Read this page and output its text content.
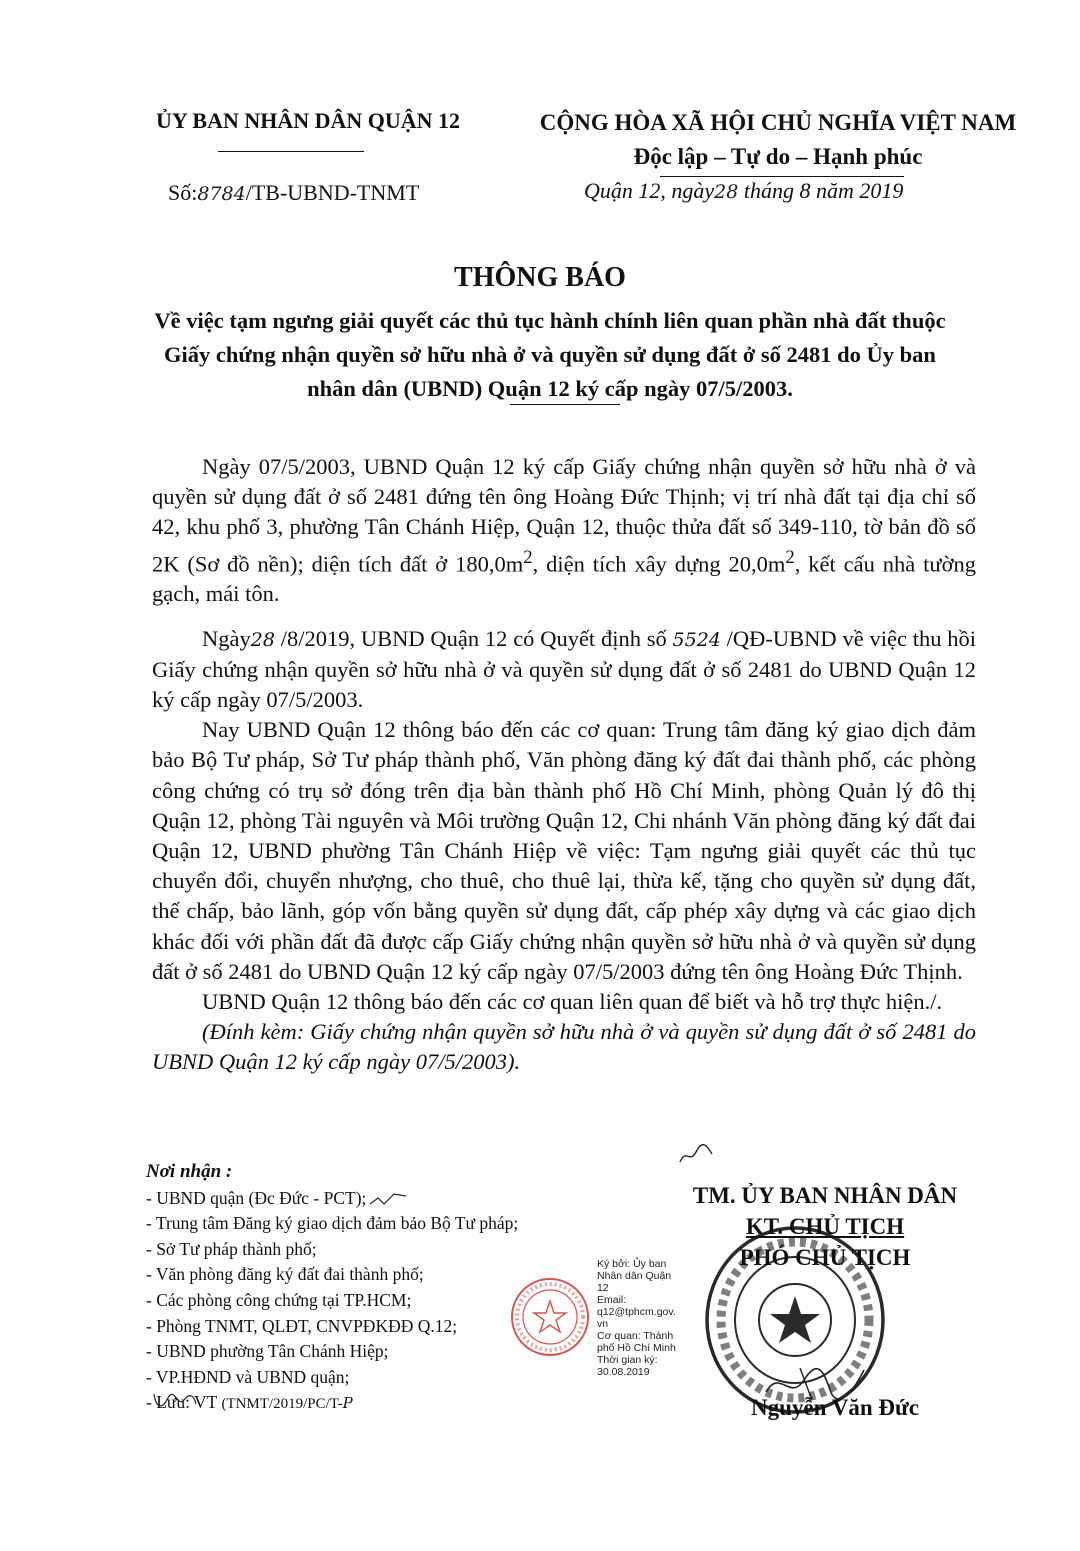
ỦY BAN NHÂN DÂN QUẬN 12
Số:8784/TB-UBND-TNMT
CỘNG HÒA XÃ HỘI CHỦ NGHĨA VIỆT NAM
Độc lập – Tự do – Hạnh phúc
Quận 12, ngày28 tháng 8 năm 2019
THÔNG BÁO
Về việc tạm ngưng giải quyết các thủ tục hành chính liên quan phần nhà đất thuộc Giấy chứng nhận quyền sở hữu nhà ở và quyền sử dụng đất ở số 2481 do Ủy ban nhân dân (UBND) Quận 12 ký cấp ngày 07/5/2003.

Ngày 07/5/2003, UBND Quận 12 ký cấp Giấy chứng nhận quyền sở hữu nhà ở và quyền sử dụng đất ở số 2481 đứng tên ông Hoàng Đức Thịnh; vị trí nhà đất tại địa chỉ số 42, khu phố 3, phường Tân Chánh Hiệp, Quận 12, thuộc thửa đất số 349-110, tờ bản đồ số 2K (Sơ đồ nền); diện tích đất ở $180,0m^2$, diện tích xây dựng $20,0m^2$, kết cấu nhà tường gạch, mái tôn.

Ngày28 /8/2019, UBND Quận 12 có Quyết định số 5524 /QĐ-UBND về việc thu hồi Giấy chứng nhận quyền sở hữu nhà ở và quyền sử dụng đất ở số 2481 do UBND Quận 12 ký cấp ngày 07/5/2003.

Nay UBND Quận 12 thông báo đến các cơ quan: Trung tâm đăng ký giao dịch đảm bảo Bộ Tư pháp, Sở Tư pháp thành phố, Văn phòng đăng ký đất đai thành phố, các phòng công chứng có trụ sở đóng trên địa bàn thành phố Hồ Chí Minh, phòng Quản lý đô thị Quận 12, phòng Tài nguyên và Môi trường Quận 12, Chi nhánh Văn phòng đăng ký đất đai Quận 12, UBND phường Tân Chánh Hiệp về việc: Tạm ngưng giải quyết các thủ tục chuyển đổi, chuyển nhượng, cho thuê, cho thuê lại, thừa kế, tặng cho quyền sử dụng đất, thế chấp, bảo lãnh, góp vốn bằng quyền sử dụng đất, cấp phép xây dựng và các giao dịch khác đối với phần đất đã được cấp Giấy chứng nhận quyền sở hữu nhà ở và quyền sử dụng đất ở số 2481 do UBND Quận 12 ký cấp ngày 07/5/2003 đứng tên ông Hoàng Đức Thịnh.

UBND Quận 12 thông báo đến các cơ quan liên quan để biết và hỗ trợ thực hiện./.

(Đính kèm: Giấy chứng nhận quyền sở hữu nhà ở và quyền sử dụng đất ở số 2481 do UBND Quận 12 ký cấp ngày 07/5/2003).

Nơi nhận :
- UBND quận (Đc Đức - PCT);
- Trung tâm Đăng ký giao dịch đảm bảo Bộ Tư pháp;
- Sở Tư pháp thành phố;
- Văn phòng đăng ký đất đai thành phố;
- Các phòng công chứng tại TP.HCM;
- Phòng TNMT, QLĐT, CNVPĐKĐĐ Q.12;
- UBND phường Tân Chánh Hiệp;
- VP.HĐND và UBND quận;
- Lưu: VT (TNMT/2019/PC/T-P
Ký bởi: Ủy ban
Nhân dân Quận
12
Email:
q12@tphcm.gov.
vn
Cơ quan: Thành
phố Hồ Chí Minh
Thời gian ký:
30.08.2019
TM. ỦY BAN NHÂN DÂN
KT. CHỦ TỊCH
PHÓ CHỦ TỊCH
Nguyễn Văn Đức
